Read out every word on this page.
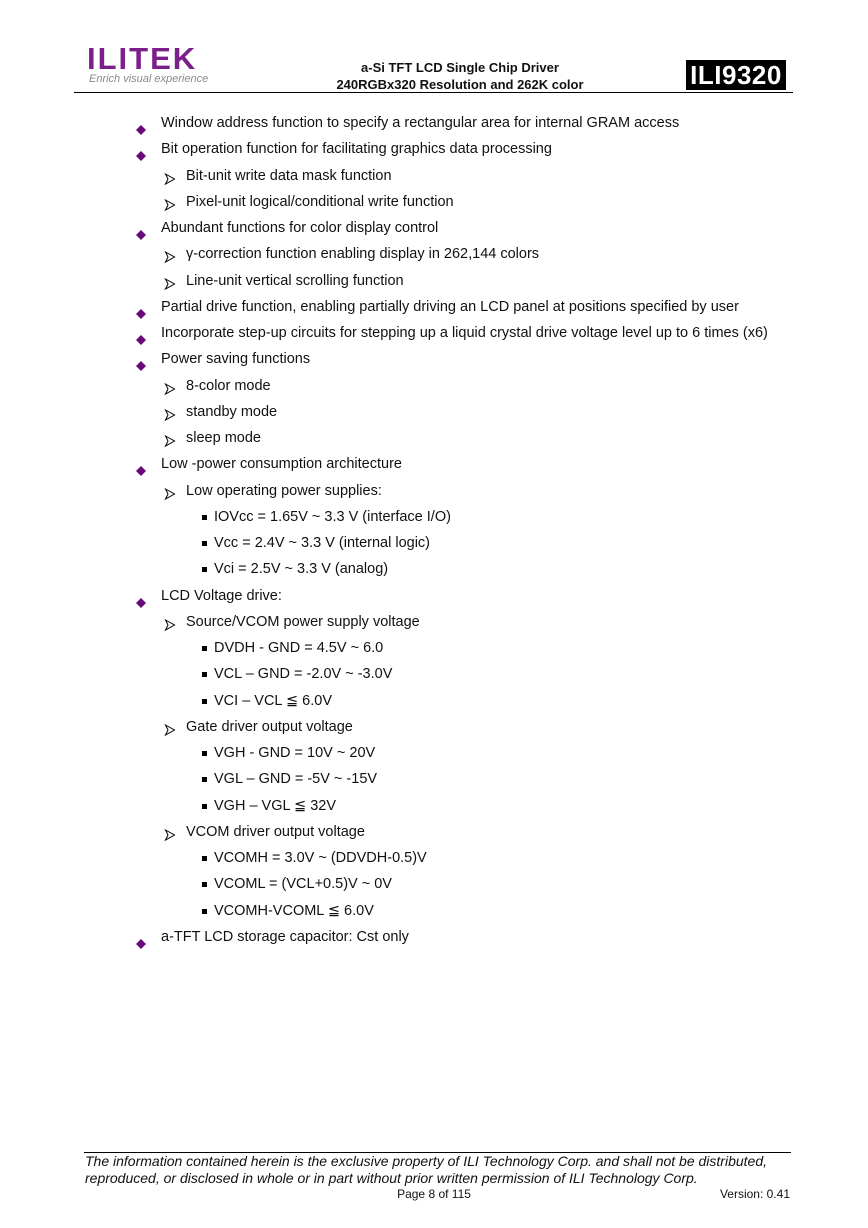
ILITEK
Enrich visual experience
a-Si TFT LCD Single Chip Driver
240RGBx320 Resolution and 262K color	ILI9320
Window address function to specify a rectangular area for internal GRAM access
Bit operation function for facilitating graphics data processing
Bit-unit write data mask function
Pixel-unit logical/conditional write function
Abundant functions for color display control
γ-correction function enabling display in 262,144 colors
Line-unit vertical scrolling function
Partial drive function, enabling partially driving an LCD panel at positions specified by user
Incorporate step-up circuits for stepping up a liquid crystal drive voltage level up to 6 times (x6)
Power saving functions
8-color mode
standby mode
sleep mode
Low -power consumption architecture
Low operating power supplies:
IOVcc = 1.65V ~ 3.3 V (interface I/O)
Vcc = 2.4V ~ 3.3 V (internal logic)
Vci = 2.5V ~ 3.3 V (analog)
LCD Voltage drive:
Source/VCOM power supply voltage
DVDH - GND = 4.5V ~ 6.0
VCL – GND = -2.0V ~ -3.0V
VCI – VCL ≦ 6.0V
Gate driver output voltage
VGH - GND = 10V ~ 20V
VGL – GND = -5V ~ -15V
VGH – VGL ≦ 32V
VCOM driver output voltage
VCOMH = 3.0V ~ (DDVDH-0.5)V
VCOML = (VCL+0.5)V ~ 0V
VCOMH-VCOML ≦ 6.0V
a-TFT LCD storage capacitor: Cst only
The information contained herein is the exclusive property of ILI Technology Corp. and shall not be distributed,
reproduced, or disclosed in whole or in part without prior written permission of ILI Technology Corp.
Page 8 of 115	Version: 0.41
